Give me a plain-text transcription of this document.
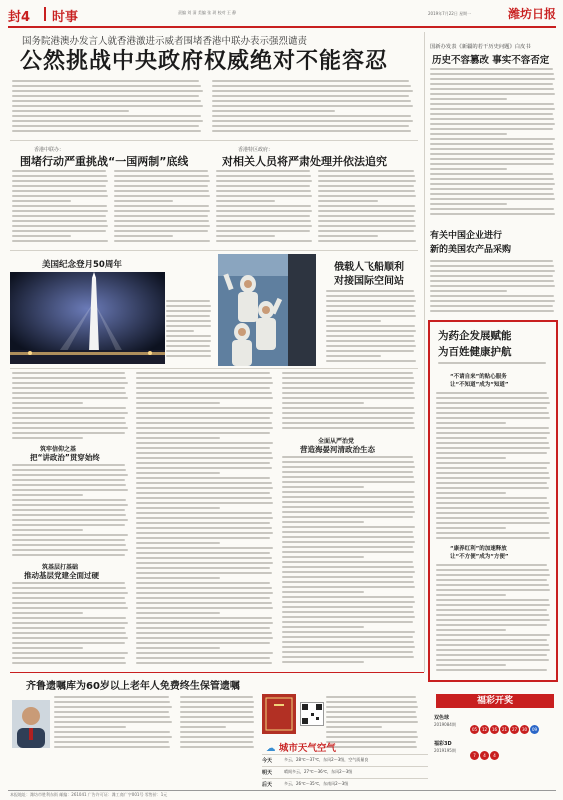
封4 时事	责编 刘 清 美编 张 玥 校对 王 静	2019年7月22日 星期一	潍坊日报
国务院港澳办发言人就香港激进示威者围堵香港中联办表示强烈谴责
公然挑战中央政府权威绝对不能容忍
香港中联办：
围堵行动严重挑战“一国两制”底线
香港特区政府：
对相关人员将严肃处理并依法追究
美国纪念登月50周年	俄载人飞船顺利
对接国际空间站
筑牢信仰之基
把“讲政治”贯穿始终
筑基层打基础
推动基层党建全面过硬
全面从严治党
营造海晏河清政治生态
国新办发表《新疆的若干历史问题》白皮书
历史不容篡改 事实不容否定
有关中国企业进行
新的美国农产品采购
为药企发展赋能
为百姓健康护航
“不请自来”的贴心服务
让“不知道”成为“知道”
“康养红利”的加速释放
让“不方便”成为“方便”
齐鲁遗嘱库为60岁以上老年人免费终生保管遗嘱
☁ 城市天气空气
今天	多云，28℃～37℃，东风2～3级，空气质量良
明天	晴间多云，27℃～36℃，东风2～3级
后天	多云，26℃～35℃，东南风2～3级
福彩开奖
双色球
2019084期
05 12 16 21 27 30 09
福彩3D
2019195期
7 4 4
本报地址：潍坊市胜利东街 邮编：261041 广告许可证：潍工商广字001号 零售价：1元
